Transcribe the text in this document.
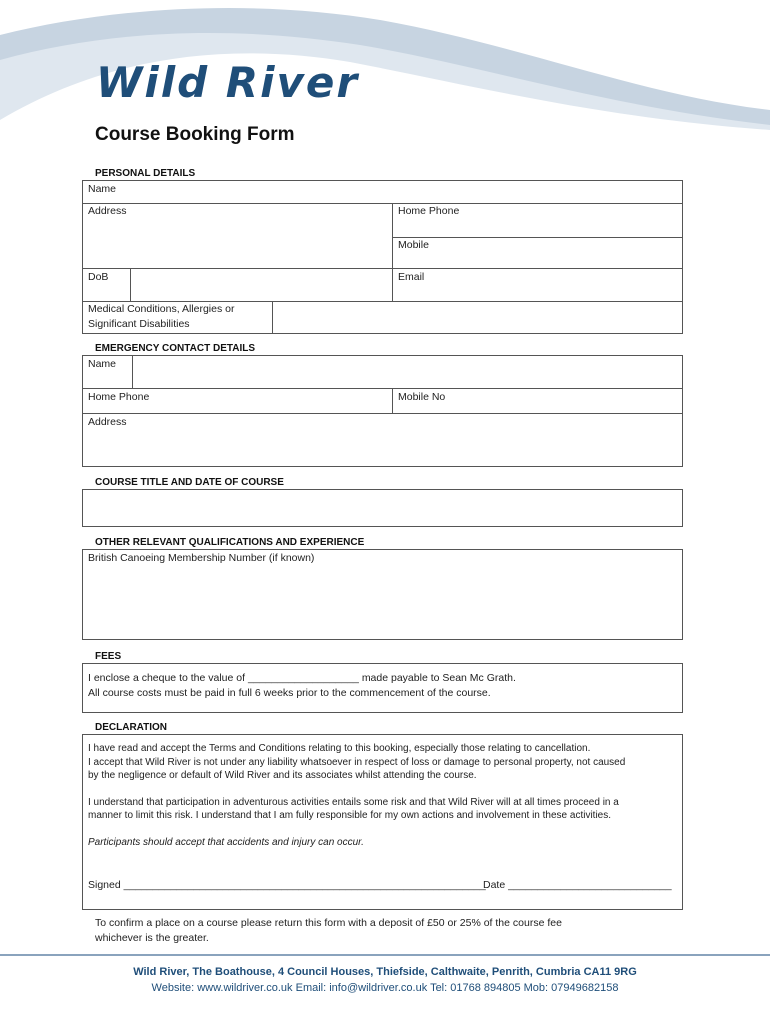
Wild River
Course Booking Form
PERSONAL DETAILS
Name
Address	Home Phone
Mobile
DoB	Email
Medical Conditions, Allergies or
Significant Disabilities
EMERGENCY CONTACT DETAILS
Name
Home Phone	Mobile No
Address
COURSE TITLE AND DATE OF COURSE
OTHER RELEVANT QUALIFICATIONS AND EXPERIENCE
British Canoeing Membership Number (if known)
FEES
I enclose a cheque to the value of ___________________ made payable to Sean Mc Grath.
All course costs must be paid in full 6 weeks prior to the commencement of the course.
DECLARATION
I have read and accept the Terms and Conditions relating to this booking, especially those relating to cancellation.
I accept that Wild River is not under any liability whatsoever in respect of loss or damage to personal property, not caused
by the negligence or default of Wild River and its associates whilst attending the course.
I understand that participation in adventurous activities entails some risk and that Wild River will at all times proceed in a
manner to limit this risk. I understand that I am fully responsible for my own actions and involvement in these activities.
Participants should accept that accidents and injury can occur.
Signed ______________________________________________________________
Date ____________________________
To confirm a place on a course please return this form with a deposit of £50 or 25% of the course fee
whichever is the greater.
Wild River, The Boathouse, 4 Council Houses, Thiefside, Calthwaite, Penrith, Cumbria CA11 9RG
Website: www.wildriver.co.uk Email: info@wildriver.co.uk Tel: 01768 894805 Mob: 07949682158
